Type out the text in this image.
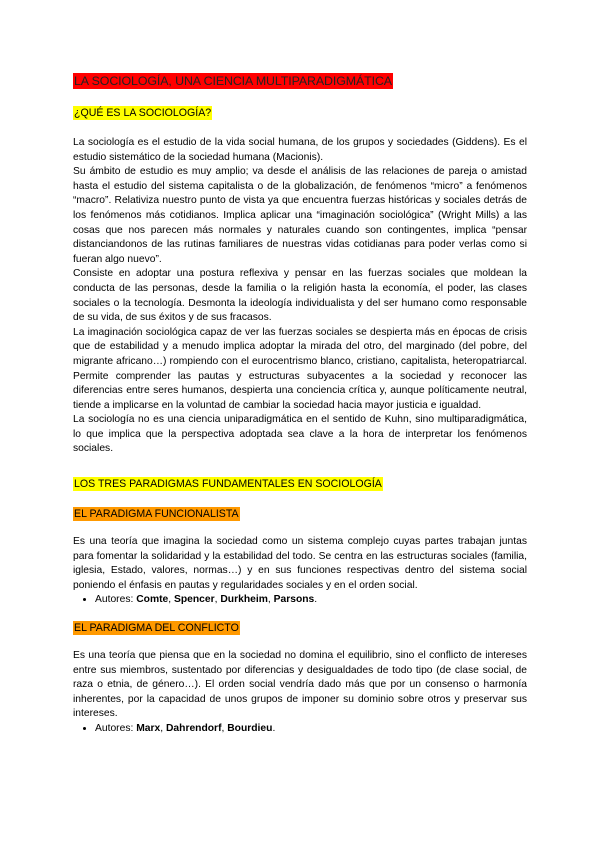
LA SOCIOLOGÍA, UNA CIENCIA MULTIPARADIGMÁTICA
¿QUÉ ES LA SOCIOLOGÍA?

La sociología es el estudio de la vida social humana, de los grupos y sociedades (Giddens). Es el estudio sistemático de la sociedad humana (Macionis).

Su ámbito de estudio es muy amplio; va desde el análisis de las relaciones de pareja o amistad hasta el estudio del sistema capitalista o de la globalización, de fenómenos “micro” a fenómenos “macro”. Relativiza nuestro punto de vista ya que encuentra fuerzas históricas y sociales detrás de los fenómenos más cotidianos. Implica aplicar una “imaginación sociológica” (Wright Mills) a las cosas que nos parecen más normales y naturales cuando son contingentes, implica “pensar distanciandonos de las rutinas familiares de nuestras vidas cotidianas para poder verlas como si fueran algo nuevo”.

Consiste en adoptar una postura reflexiva y pensar en las fuerzas sociales que moldean la conducta de las personas, desde la familia o la religión hasta la economía, el poder, las clases sociales o la tecnología. Desmonta la ideología individualista y del ser humano como responsable de su vida, de sus éxitos y de sus fracasos.

La imaginación sociológica capaz de ver las fuerzas sociales se despierta más en épocas de crisis que de estabilidad y a menudo implica adoptar la mirada del otro, del marginado (del pobre, del migrante africano…) rompiendo con el eurocentrismo blanco, cristiano, capitalista, heteropatriarcal. Permite comprender las pautas y estructuras subyacentes a la sociedad y reconocer las diferencias entre seres humanos, despierta una conciencia crítica y, aunque políticamente neutral, tiende a implicarse en la voluntad de cambiar la sociedad hacia mayor justicia e igualdad.

La sociología no es una ciencia uniparadigmática en el sentido de Kuhn, sino multiparadigmática, lo que implica que la perspectiva adoptada sea clave a la hora de interpretar los fenómenos sociales.

LOS TRES PARADIGMAS FUNDAMENTALES EN SOCIOLOGÍA
EL PARADIGMA FUNCIONALISTA

Es una teoría que imagina la sociedad como un sistema complejo cuyas partes trabajan juntas para fomentar la solidaridad y la estabilidad del todo. Se centra en las estructuras sociales (familia, iglesia, Estado, valores, normas…) y en sus funciones respectivas dentro del sistema social poniendo el énfasis en pautas y regularidades sociales y en el orden social.

• Autores: Comte, Spencer, Durkheim, Parsons.
EL PARADIGMA DEL CONFLICTO

Es una teoría que piensa que en la sociedad no domina el equilibrio, sino el conflicto de intereses entre sus miembros, sustentado por diferencias y desigualdades de todo tipo (de clase social, de raza o etnia, de género…). El orden social vendría dado más que por un consenso o harmonía inherentes, por la capacidad de unos grupos de imponer su dominio sobre otros y preservar sus intereses.

• Autores: Marx, Dahrendorf, Bourdieu.
